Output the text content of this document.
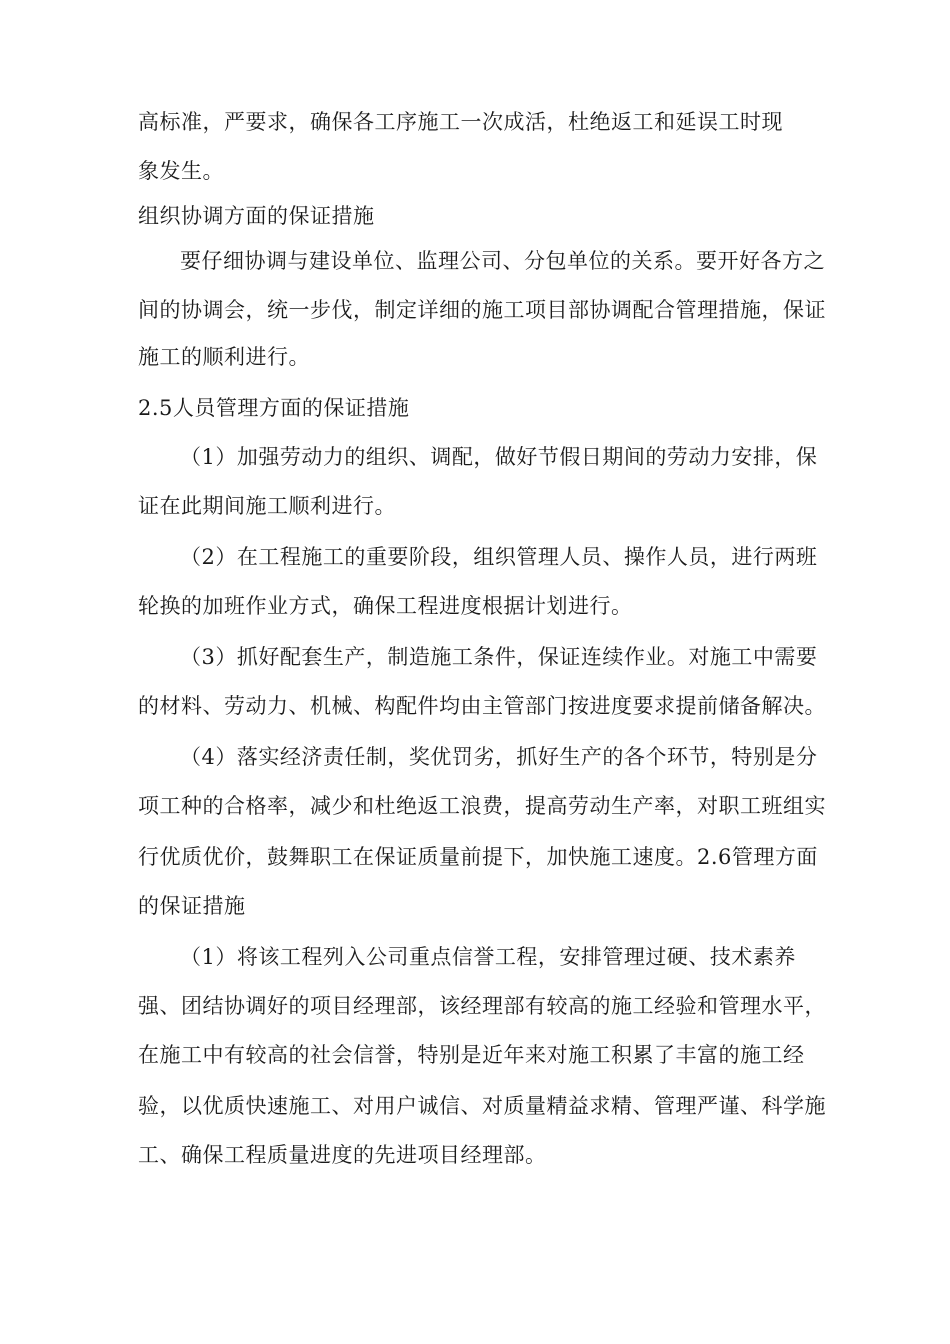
高标准，严要求，确保各工序施工一次成活，杜绝返工和延误工时现
象发生。
组织协调方面的保证措施
要仔细协调与建设单位、监理公司、分包单位的关系。要开好各方之
间的协调会，统一步伐，制定详细的施工项目部协调配合管理措施，保证
施工的顺利进行。
2.5人员管理方面的保证措施
（1）加强劳动力的组织、调配，做好节假日期间的劳动力安排，保
证在此期间施工顺利进行。
（2）在工程施工的重要阶段，组织管理人员、操作人员，进行两班
轮换的加班作业方式，确保工程进度根据计划进行。
（3）抓好配套生产，制造施工条件，保证连续作业。对施工中需要
的材料、劳动力、机械、构配件均由主管部门按进度要求提前储备解决。
（4）落实经济责任制，奖优罚劣，抓好生产的各个环节，特别是分
项工种的合格率，减少和杜绝返工浪费，提高劳动生产率，对职工班组实
行优质优价，鼓舞职工在保证质量前提下，加快施工速度。2.6管理方面
的保证措施
（1）将该工程列入公司重点信誉工程，安排管理过硬、技术素养
强、团结协调好的项目经理部，该经理部有较高的施工经验和管理水平，
在施工中有较高的社会信誉，特别是近年来对施工积累了丰富的施工经
验，以优质快速施工、对用户诚信、对质量精益求精、管理严谨、科学施
工、确保工程质量进度的先进项目经理部。
